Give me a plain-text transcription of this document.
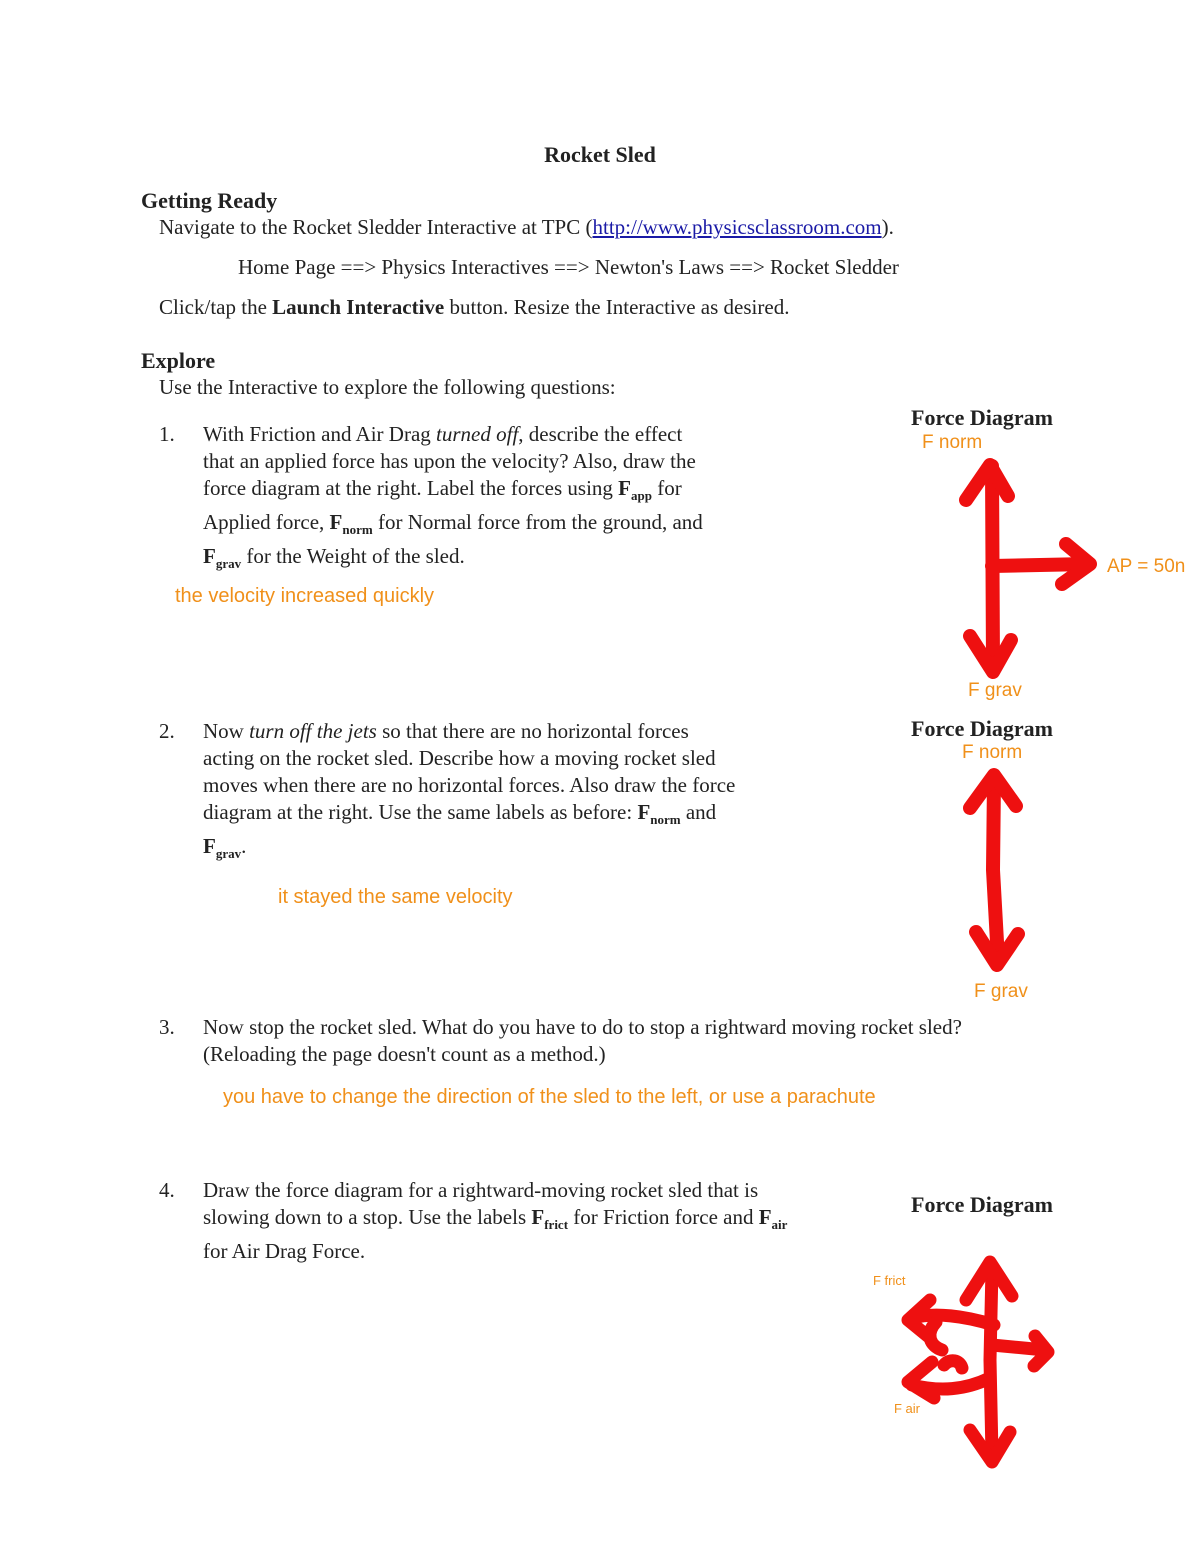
Rocket Sled
Getting Ready
Navigate to the Rocket Sledder Interactive at TPC (http://www.physicsclassroom.com).
Home Page ==> Physics Interactives ==> Newton's Laws ==> Rocket Sledder
Click/tap the Launch Interactive button. Resize the Interactive as desired.
Explore
Use the Interactive to explore the following questions:
1. With Friction and Air Drag turned off, describe the effect
that an applied force has upon the velocity? Also, draw the
force diagram at the right. Label the forces using $F_{app}$ for
Applied force, $F_{norm}$ for Normal force from the ground, and
$F_{grav}$ for the Weight of the sled.
the velocity increased quickly
2. Now turn off the jets so that there are no horizontal forces
acting on the rocket sled. Describe how a moving rocket sled
moves when there are no horizontal forces. Also draw the force
diagram at the right. Use the same labels as before: $F_{norm}$ and
$F_{grav}$.
it stayed the same velocity
3. Now stop the rocket sled. What do you have to do to stop a rightward moving rocket sled?
(Reloading the page doesn't count as a method.)
you have to change the direction of the sled to the left, or use a parachute
4. Draw the force diagram for a rightward-moving rocket sled that is
slowing down to a stop. Use the labels $F_{frict}$ for Friction force and $F_{air}$
for Air Drag Force.
Force Diagram
F norm
AP = 50n
F grav
Force Diagram
F norm
F grav
Force Diagram
F frict
F air
